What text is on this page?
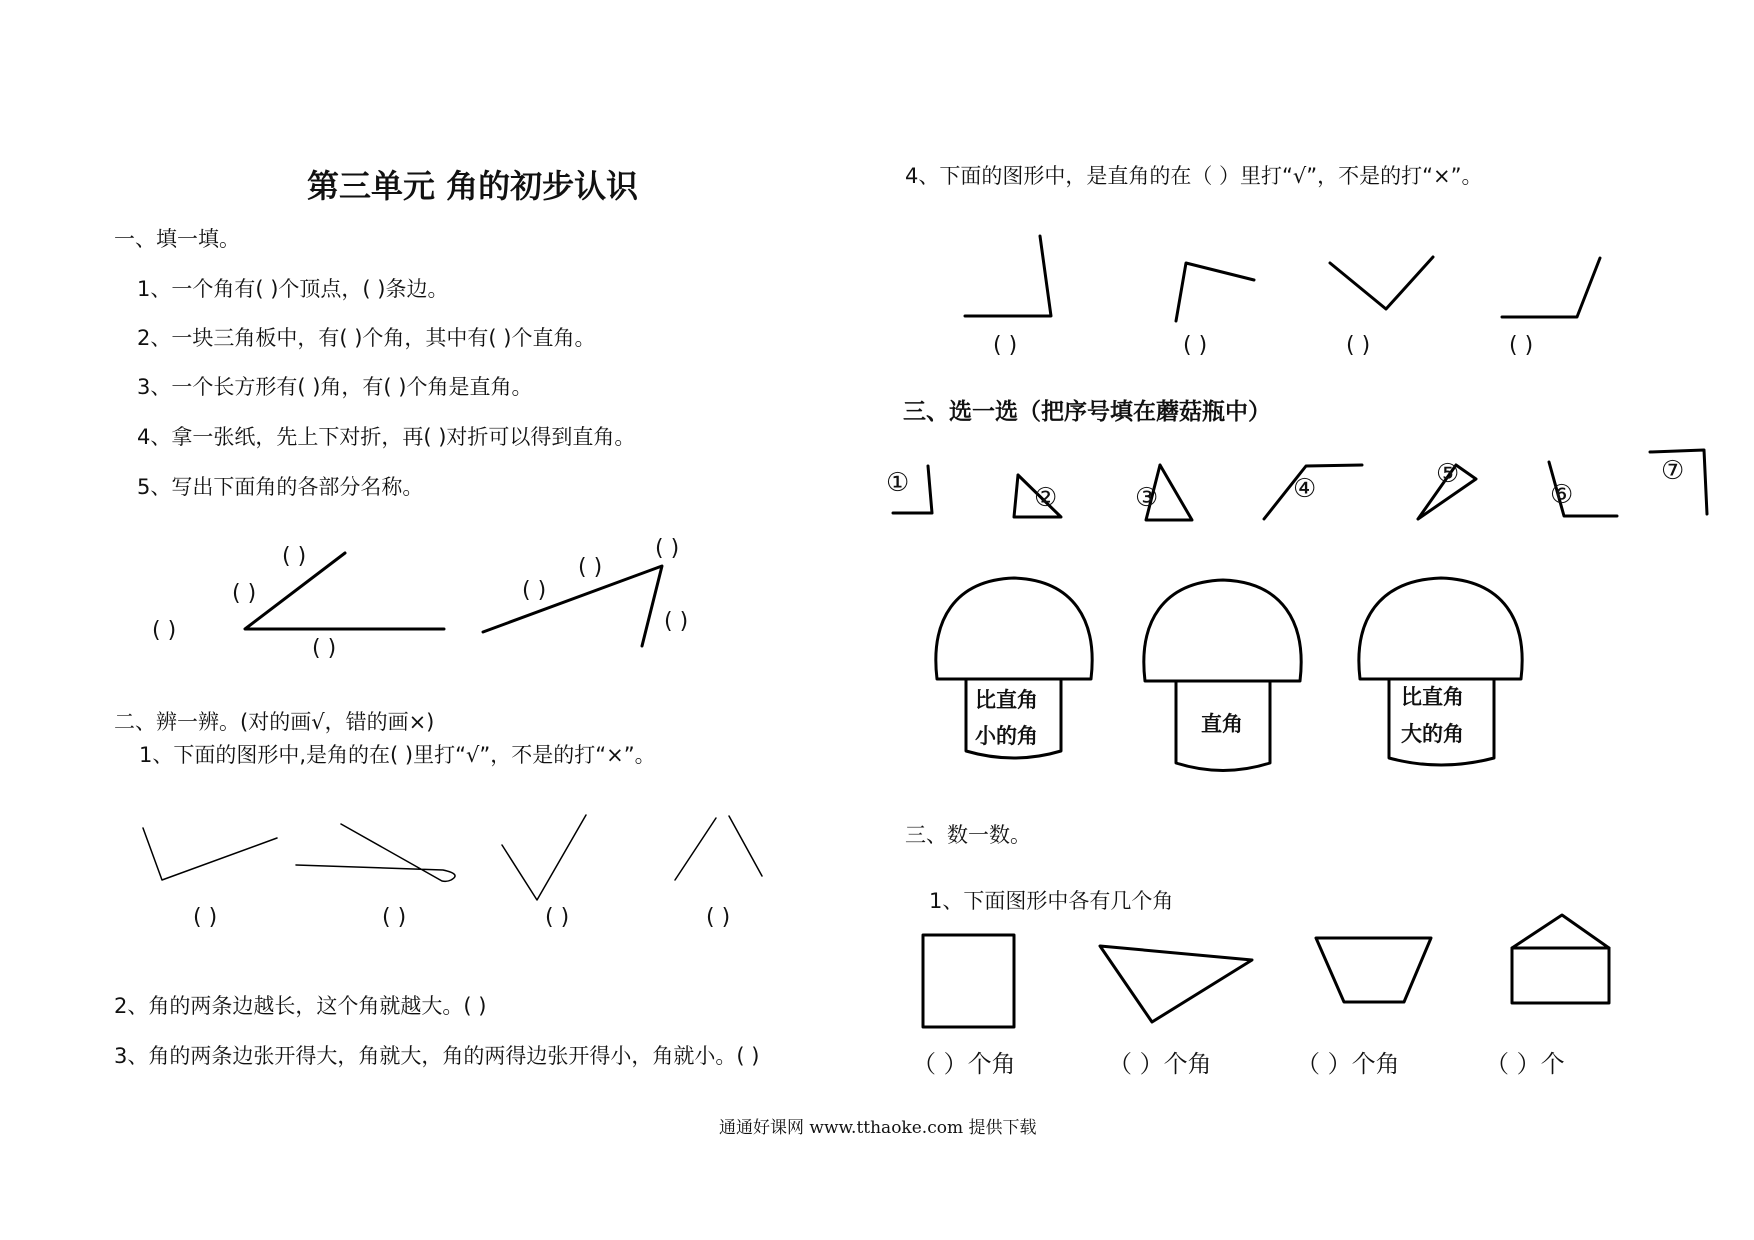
第三单元 角的初步认识
一、填一填。
1、一个角有( )个顶点，( )条边。
2、一块三角板中，有( )个角，其中有( )个直角。
3、一个长方形有( )角，有( )个角是直角。
4、拿一张纸，先上下对折，再( )对折可以得到直角。
5、写出下面角的各部分名称。
( )
( )
( )
( )
( )
( )
( )
( )
二、辨一辨。(对的画√，错的画×)
1、下面的图形中,是角的在( )里打“√”，不是的打“×”。
( )	( )	( )	( )
2、角的两条边越长，这个角就越大。( )
3、角的两条边张开得大，角就大，角的两得边张开得小，角就小。( )
4、下面的图形中，是直角的在（ ）里打“√”，不是的打“×”。
( )	( )	( )	( )
三、选一选（把序号填在蘑菇瓶中）
①	②	③	④	⑤
⑥
⑦
比直角
小的角	直角
比直角
大的角
三、数一数。
1、下面图形中各有几个角
（ ）个角	（ ）个角	（ ）个角	（ ）个
通通好课网 www.tthaoke.com 提供下载
